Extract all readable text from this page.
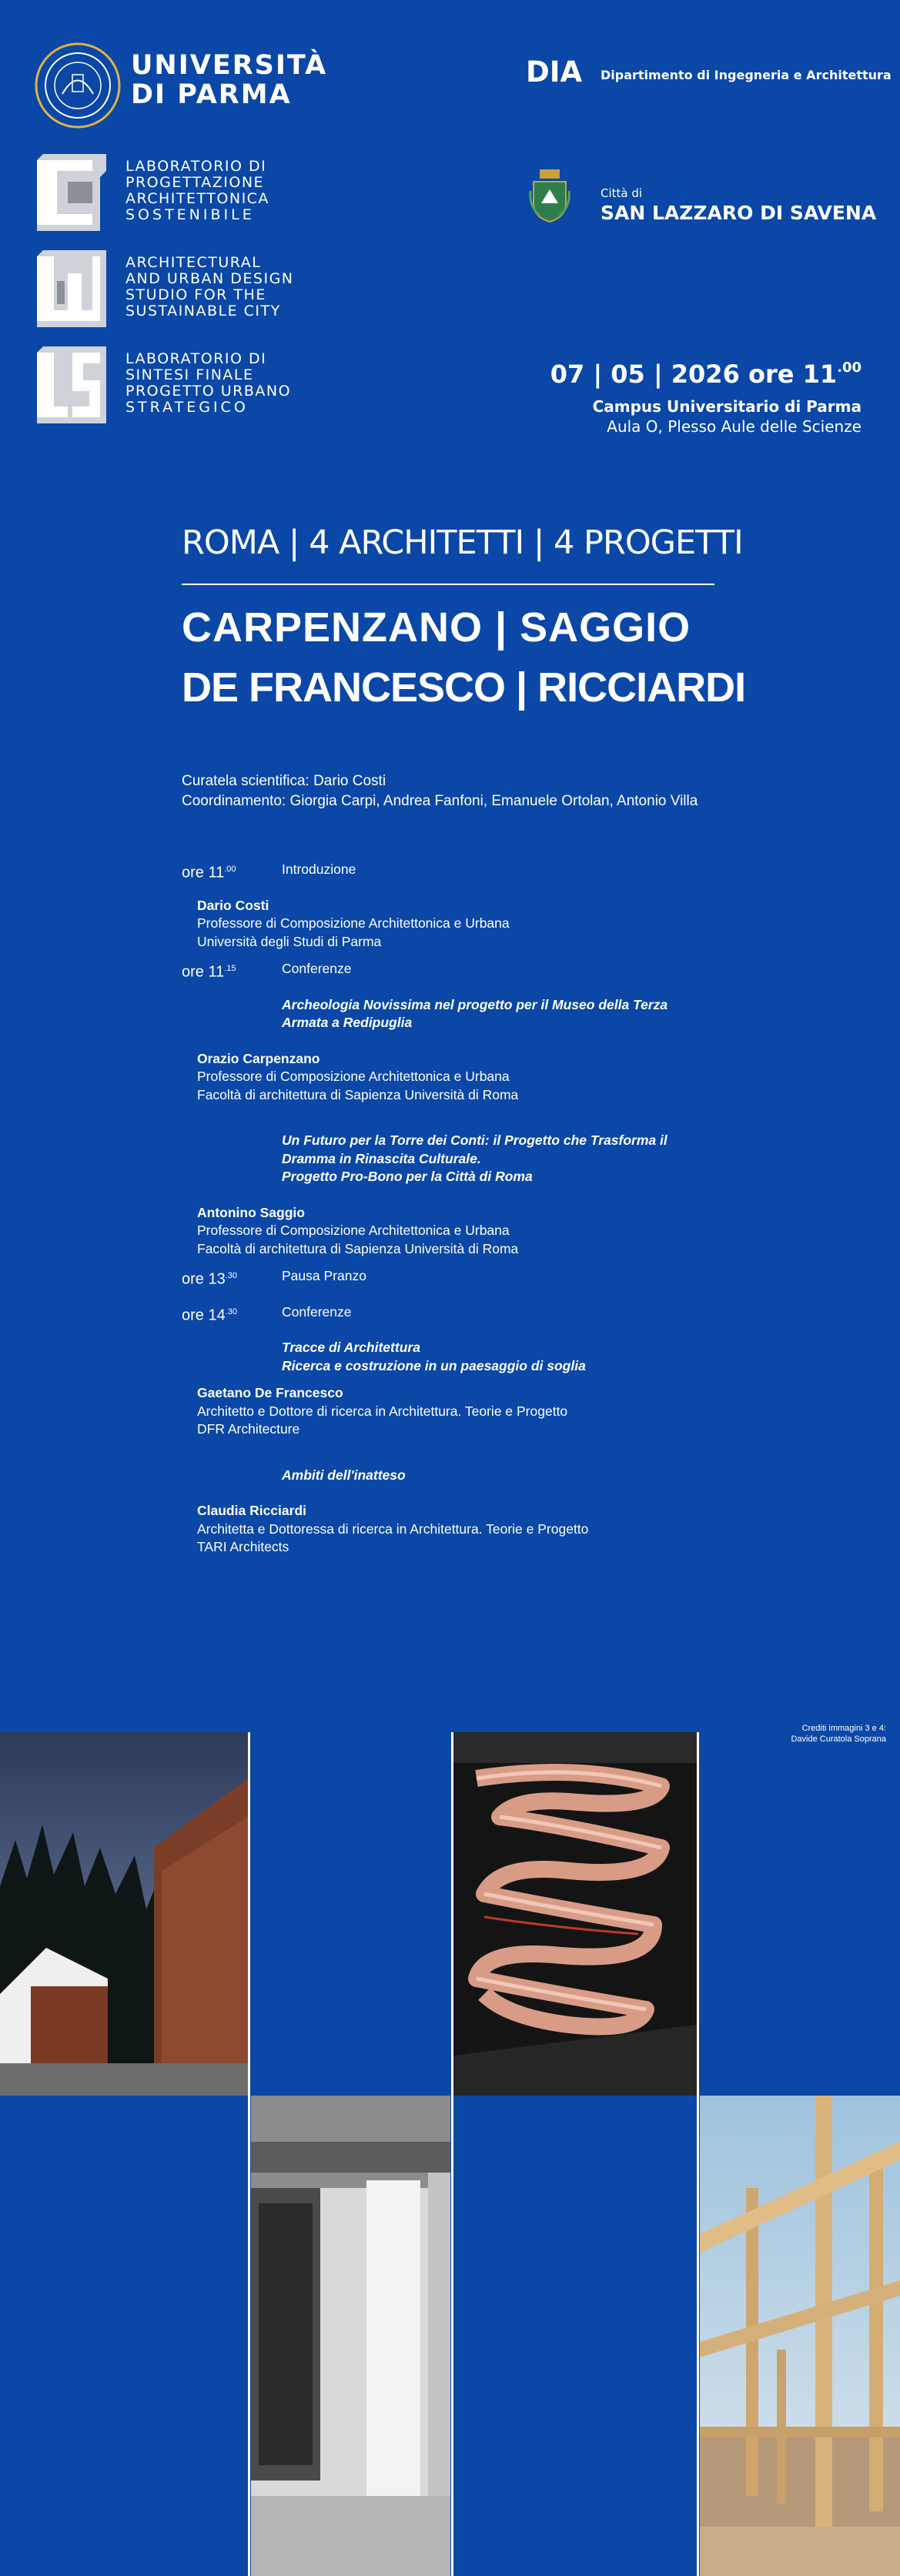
UNIVERSITÀ
DI PARMA
LABORATORIO DI
PROGETTAZIONE
ARCHITETTONICA
SOSTENIBILE
ARCHITECTURAL
AND URBAN DESIGN
STUDIO FOR THE
SUSTAINABLE CITY
LABORATORIO DI
SINTESI FINALE
PROGETTO URBANO
STRATEGICO
DIA Dipartimento di Ingegneria e Architettura
Città di
SAN LAZZARO DI SAVENA
07 | 05 | 2026 ore $11^{.00}$
Campus Universitario di Parma
Aula O, Plesso Aule delle Scienze
ROMA | 4 ARCHITETTI | 4 PROGETTI
CARPENZANO | SAGGIO
DE FRANCESCO | RICCIARDI
Curatela scientifica: Dario Costi
Coordinamento: Giorgia Carpi, Andrea Fanfoni, Emanuele Ortolan, Antonio Villa
ore $11^{.00}$	Introduzione
Dario Costi
Professore di Composizione Architettonica e Urbana
Università degli Studi di Parma
ore $11^{.15}$	Conferenze
Archeologia Novissima nel progetto per il Museo della Terza
Armata a Redipuglia
Orazio Carpenzano
Professore di Composizione Architettonica e Urbana
Facoltà di architettura di Sapienza Università di Roma
Un Futuro per la Torre dei Conti: il Progetto che Trasforma il
Dramma in Rinascita Culturale.
Progetto Pro-Bono per la Città di Roma
Antonino Saggio
Professore di Composizione Architettonica e Urbana
Facoltà di architettura di Sapienza Università di Roma
ore $13^{.30}$	Pausa Pranzo
ore $14^{.30}$	Conferenze
Tracce di Architettura
Ricerca e costruzione in un paesaggio di soglia
Gaetano De Francesco
Architetto e Dottore di ricerca in Architettura. Teorie e Progetto
DFR Architecture
Ambiti dell'inatteso
Claudia Ricciardi
Architetta e Dottoressa di ricerca in Architettura. Teorie e Progetto
TARI Architects
Crediti immagini 3 e 4:
Davide Curatola Soprana
